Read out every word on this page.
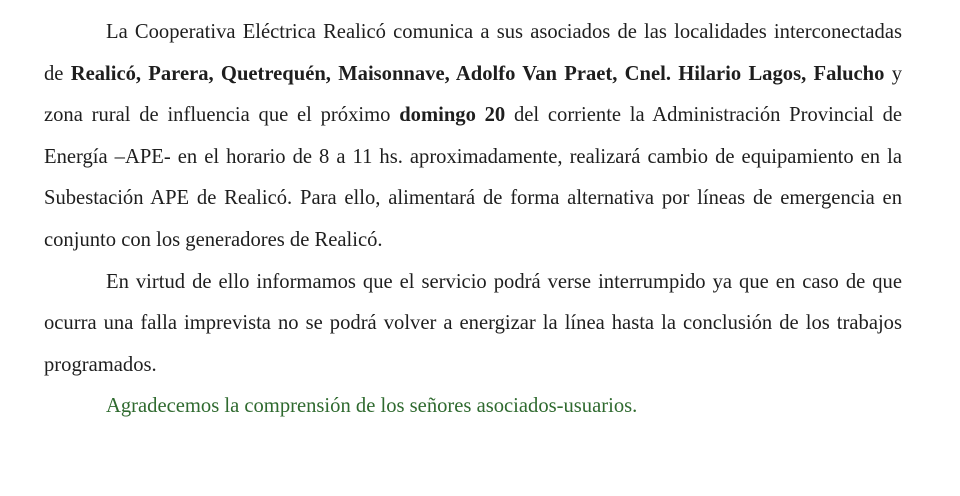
La Cooperativa Eléctrica Realicó comunica a sus asociados de las localidades interconectadas de Realicó, Parera, Quetrequén, Maisonnave, Adolfo Van Praet, Cnel. Hilario Lagos, Falucho y zona rural de influencia que el próximo domingo 20 del corriente la Administración Provincial de Energía –APE- en el horario de 8 a 11 hs. aproximadamente, realizará cambio de equipamiento en la Subestación APE de Realicó. Para ello, alimentará de forma alternativa por líneas de emergencia en conjunto con los generadores de Realicó.

En virtud de ello informamos que el servicio podrá verse interrumpido ya que en caso de que ocurra una falla imprevista no se podrá volver a energizar la línea hasta la conclusión de los trabajos programados.

Agradecemos la comprensión de los señores asociados-usuarios.
